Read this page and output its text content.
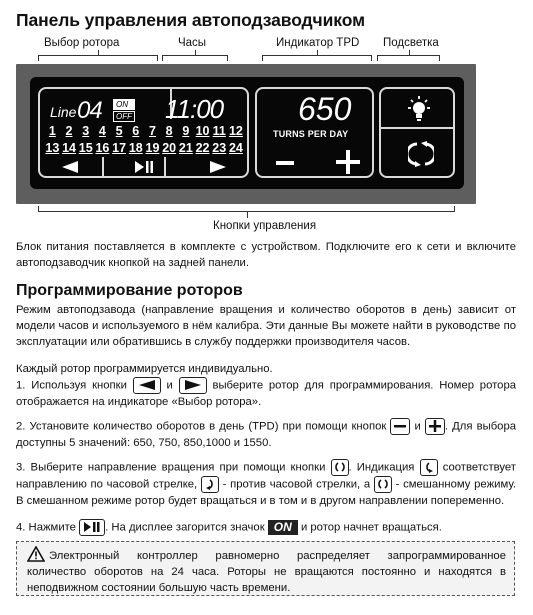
Панель управления автоподзаводчиком
Выбор ротора	Часы	Индикатор TPD Подсветка
Line 04	ON
OFF 11:00
1 2 3 4 5 6 7 8 9 10 11 12
13 14 15 16 17 18 19 20 21 22 23 24
650
TURNS PER DAY
Кнопки управления
Блок питания поставляется в комплекте с устройством. Подключите его к сети и включите автоподзаводчик кнопкой на задней панели.
Программирование роторов
Режим автоподзавода (направление вращения и количество оборотов в день) зависит от модели часов и используемого в нём калибра. Эти данные Вы можете найти в руководстве по эксплуатации или обратившись в службу поддержки производителя часов.
Каждый ротор программируется индивидуально.
1. Используя кнопки	и	выберите ротор для программирования. Номер ротора отображается на индикаторе «Выбор ротора».
2. Установите количество оборотов в день (TPD) при помощи кнопок и . Для выбора доступны 5 значений: 650, 750, 850,1000 и 1550.
3. Выберите направление вращения при помощи кнопки . Индикация	соответствует направлению по часовой стрелке, - против часовой стрелки, а - смешанному режиму. В смешанном режиме ротор будет вращаться и в том и в другом направлении попеременно.
4. Нажмите	. На дисплее загорится значок ON и ротор начнет вращаться.
Электронный контроллер равномерно распределяет запрограммированное количество оборотов на 24 часа. Роторы не вращаются постоянно и находятся в неподвижном состоянии большую часть времени.
